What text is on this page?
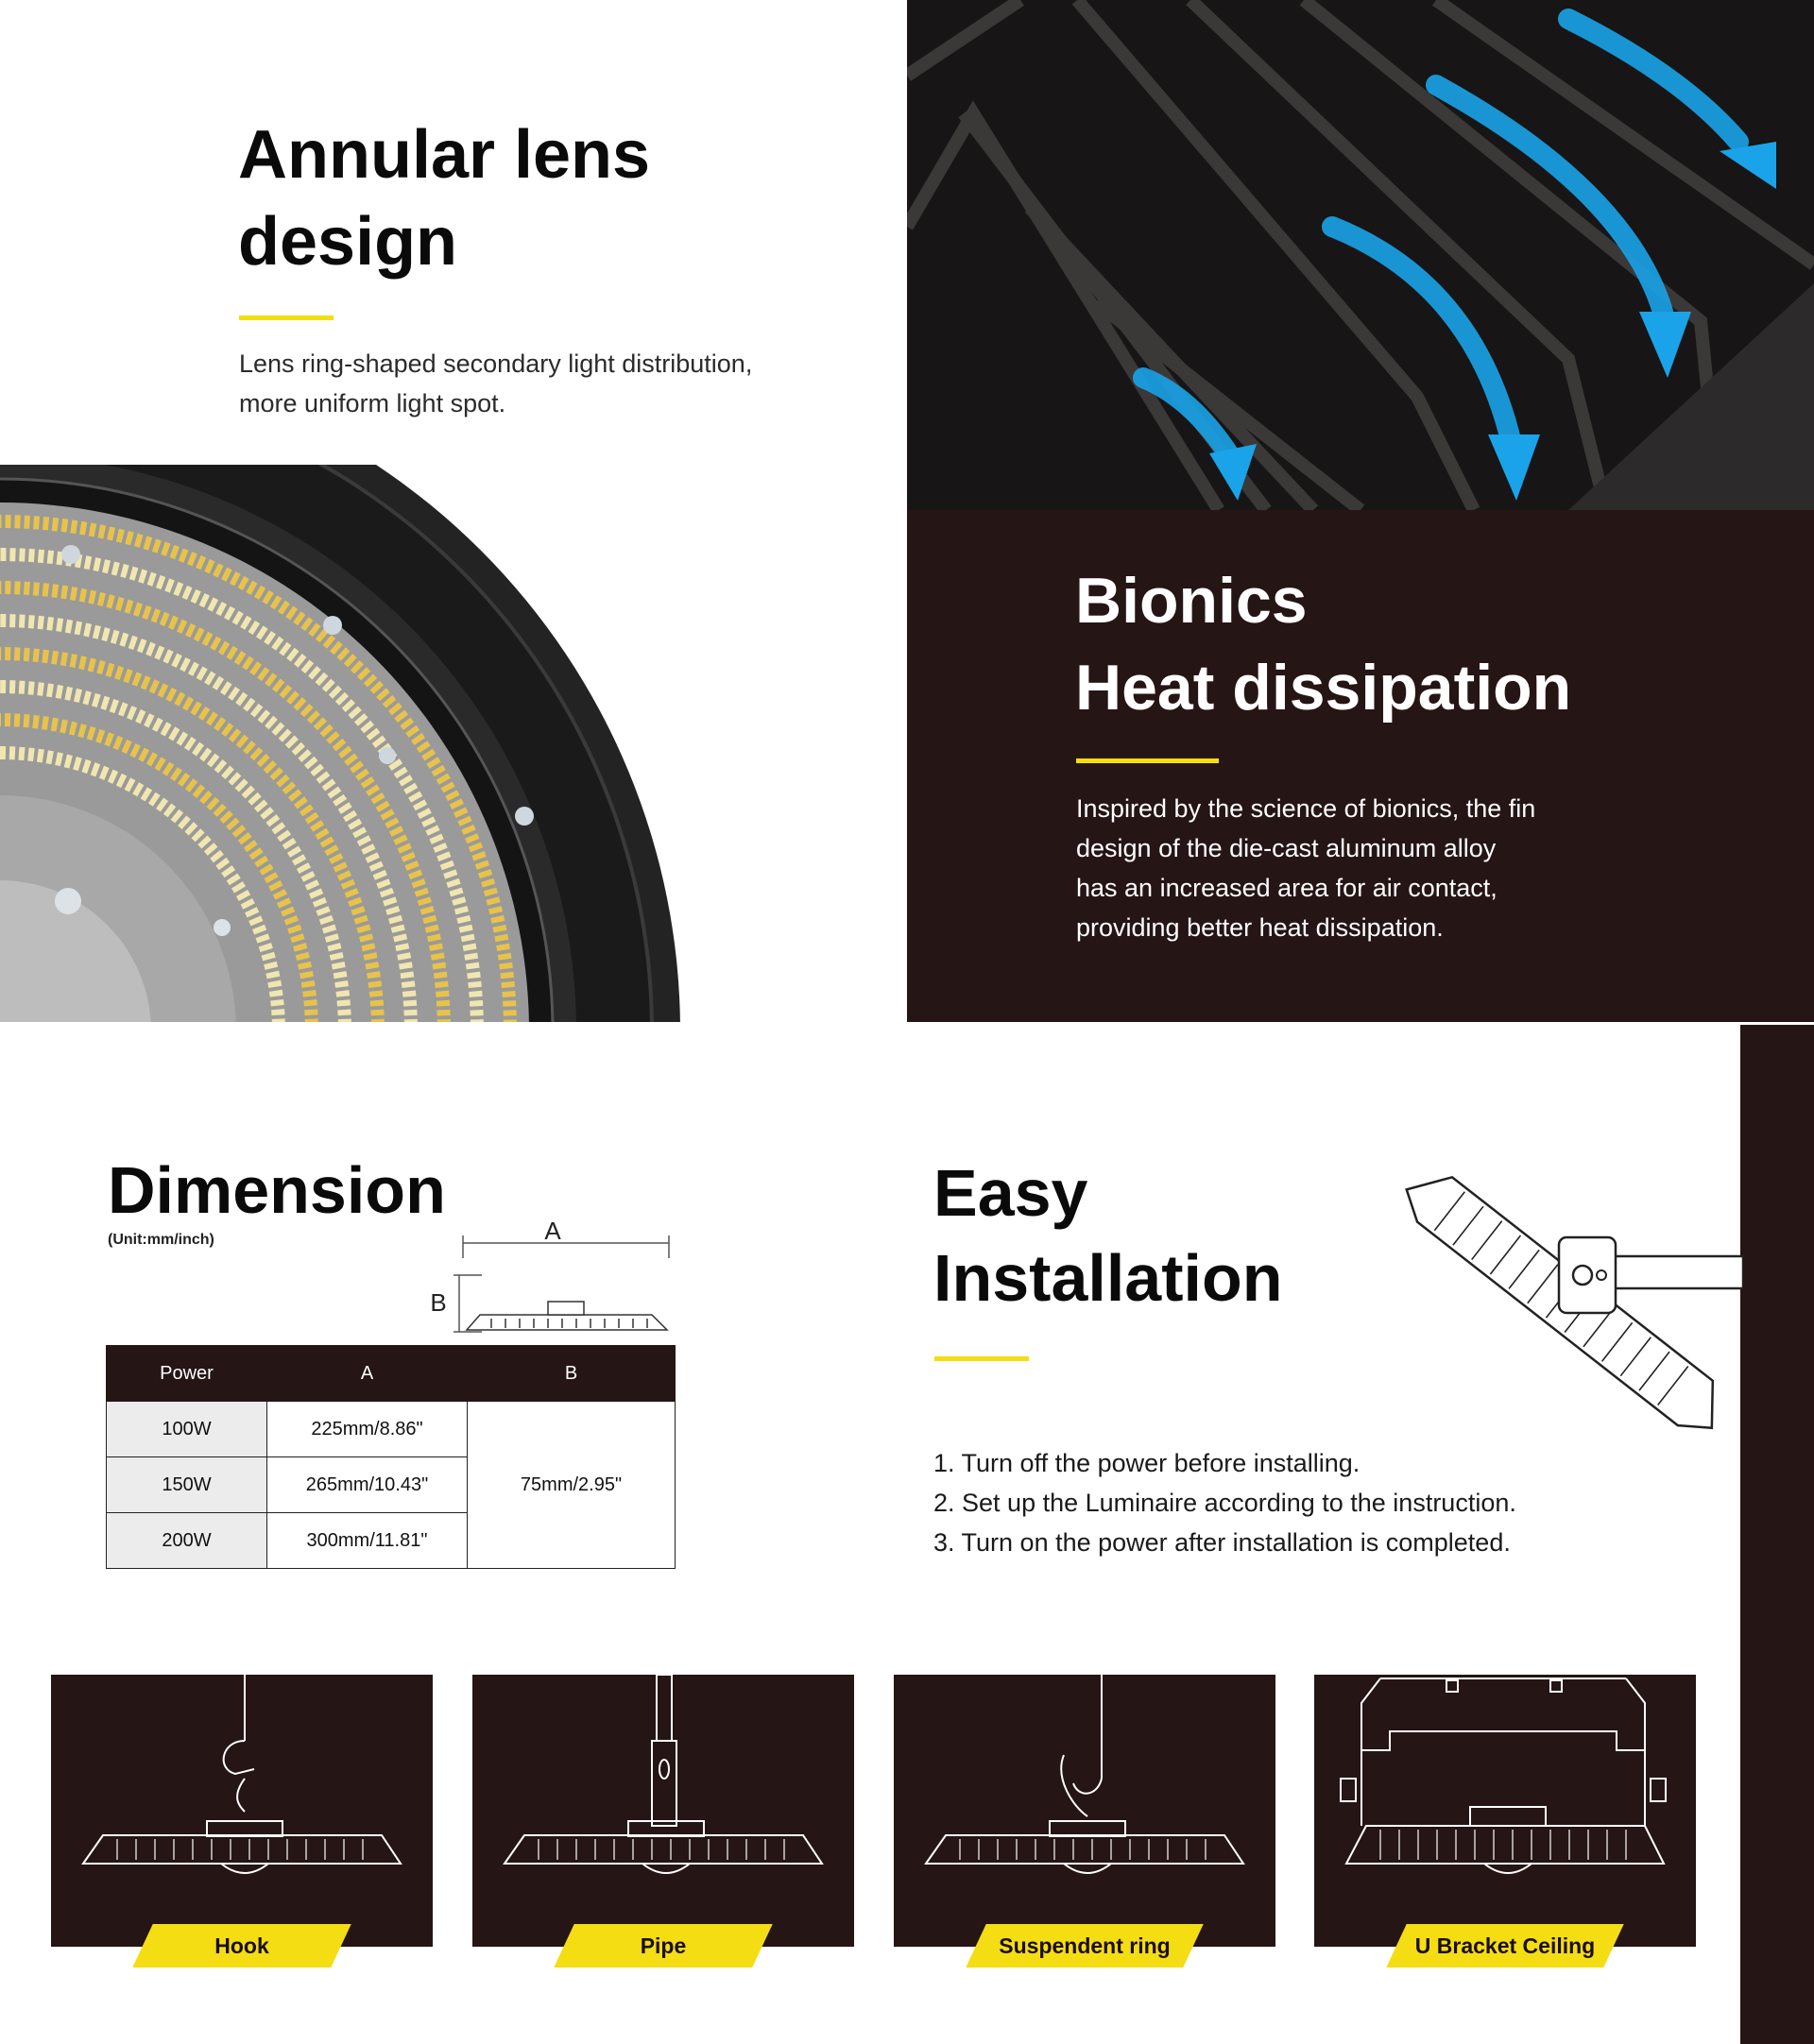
Annular lens
design

Lens ring-shaped secondary light distribution,
more uniform light spot.

Bionics
Heat dissipation

Inspired by the science of bionics, the fin
design of the die-cast aluminum alloy
has an increased area for air contact,
providing better heat dissipation.

Dimension
(Unit:mm/inch)	A
B
Power	A	B
100W	225mm/8.86"	75mm/2.95"
150W	265mm/10.43"	
200W	300mm/11.81"	
Easy
Installation
1. Turn off the power before installing.
2. Set up the Luminaire according to the instruction.
3. Turn on the power after installation is completed.
Hook	Pipe	Suspendent ring	U Bracket Ceiling
